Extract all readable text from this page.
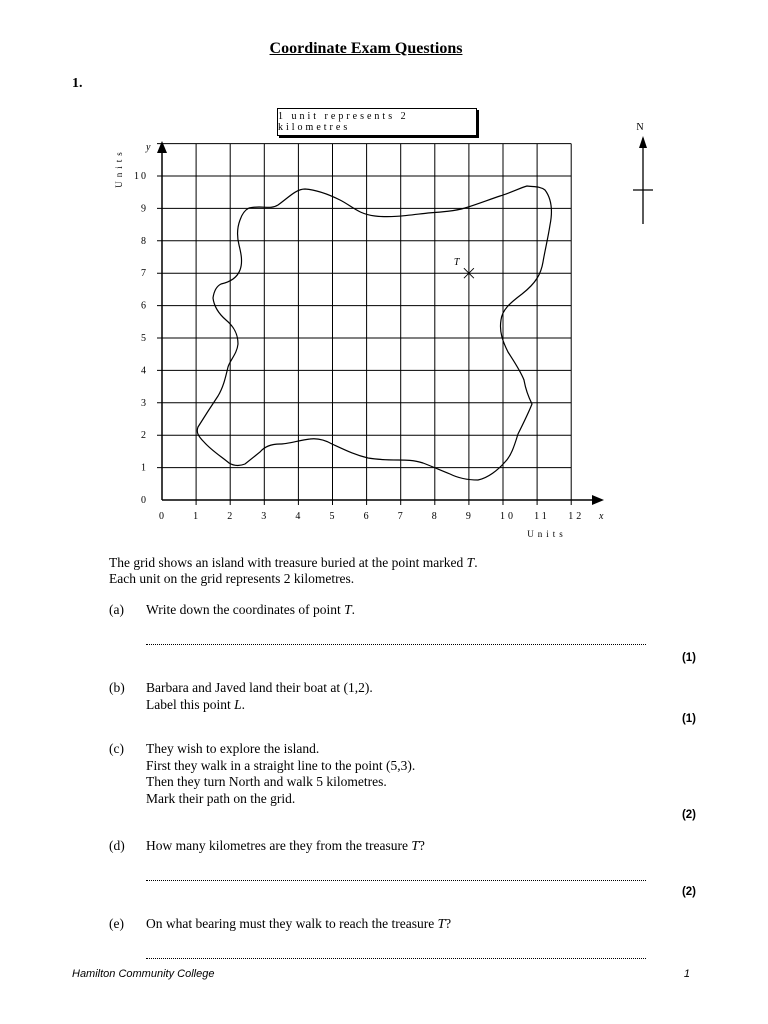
Coordinate Exam Questions
1.
1 unit represents 2 kilometres	N
0	1	2	3	4	5	6	7	8	9	10 11 12
0
1
2
3
4
5
6
7
8
9
10
x
y
Units
Units
T
The grid shows an island with treasure buried at the point marked T.
Each unit on the grid represents 2 kilometres.
(a) Write down the coordinates of point T.
(1)
(b) Barbara and Javed land their boat at (1,2).
Label this point L.
(1)
(c) They wish to explore the island.
First they walk in a straight line to the point (5,3).
Then they turn North and walk 5 kilometres.
Mark their path on the grid.
(2)
(d) How many kilometres are they from the treasure T?
(2)
(e) On what bearing must they walk to reach the treasure T?
Hamilton Community College	1
